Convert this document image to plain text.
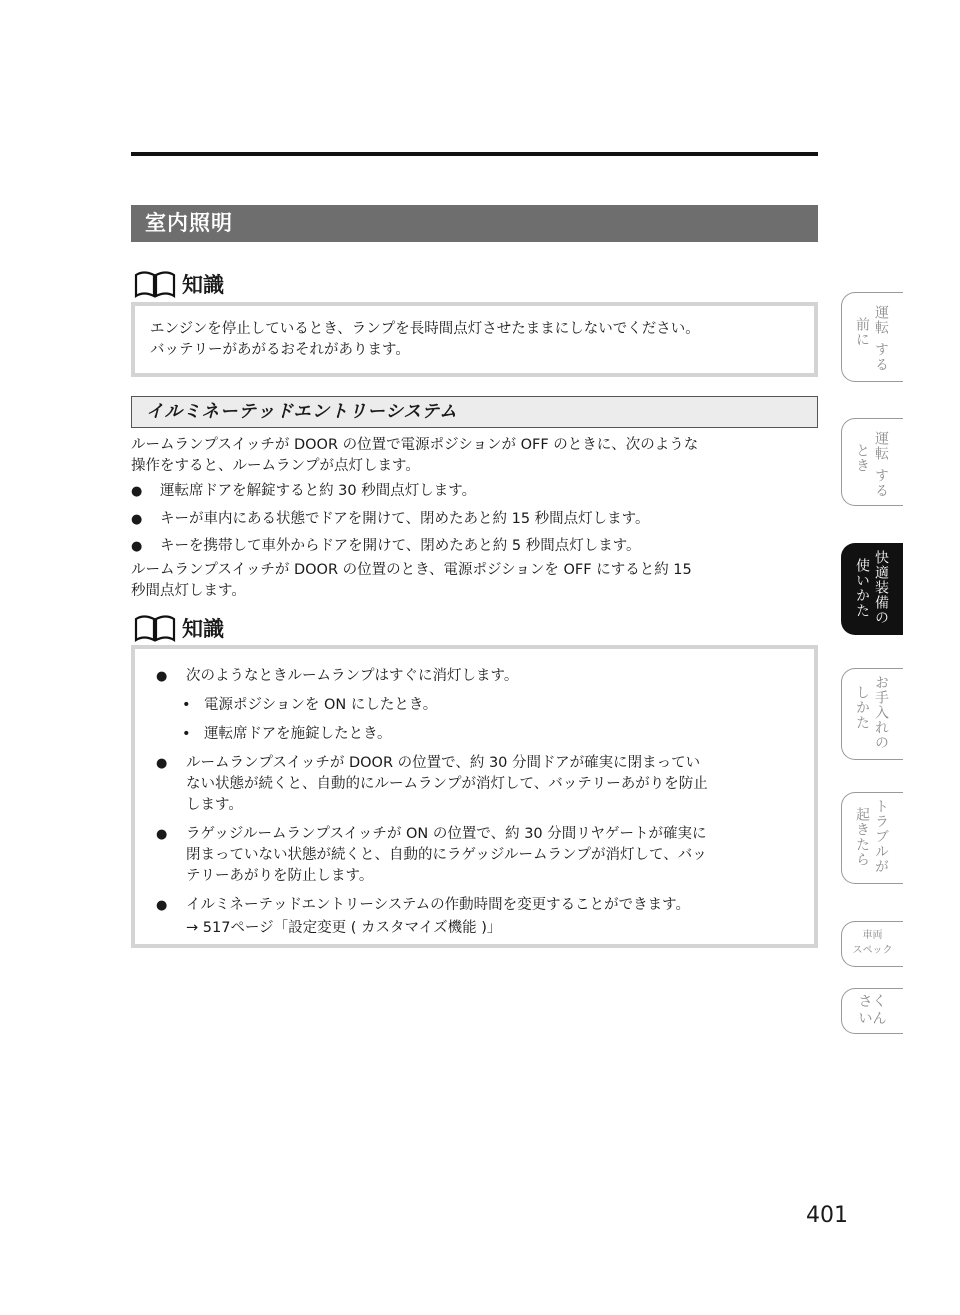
室内照明
知識
エンジンを停止しているとき、ランプを長時間点灯させたままにしないでください。
バッテリーがあがるおそれがあります。
イルミネーテッドエントリーシステム
ルームランプスイッチが DOOR の位置で電源ポジションが OFF のときに、次のような
操作をすると、ルームランプが点灯します。
● 運転席ドアを解錠すると約 30 秒間点灯します。
● キーが車内にある状態でドアを開けて、閉めたあと約 15 秒間点灯します。
● キーを携帯して車外からドアを開けて、閉めたあと約 5 秒間点灯します。
ルームランプスイッチが DOOR の位置のとき、電源ポジションを OFF にすると約 15
秒間点灯します。
知識
● 次のようなときルームランプはすぐに消灯します。
• 電源ポジションを ON にしたとき。
• 運転席ドアを施錠したとき。
● ルームランプスイッチが DOOR の位置で、約 30 分間ドアが確実に閉まってい
ない状態が続くと、自動的にルームランプが消灯して、バッテリーあがりを防止
します。
● ラゲッジルームランプスイッチが ON の位置で、約 30 分間リヤゲートが確実に
閉まっていない状態が続くと、自動的にラゲッジルームランプが消灯して、バッ
テリーあがりを防止します。
● イルミネーテッドエントリーシステムの作動時間を変更することができます。
→ 517ページ「設定変更 ( カスタマイズ機能 )」
401
運転
前に
する
運転
とき
する
快適装備の
使いかた
お手入れの
しかた
トラブルが
起きたら
車両
スペック
さく
いん
